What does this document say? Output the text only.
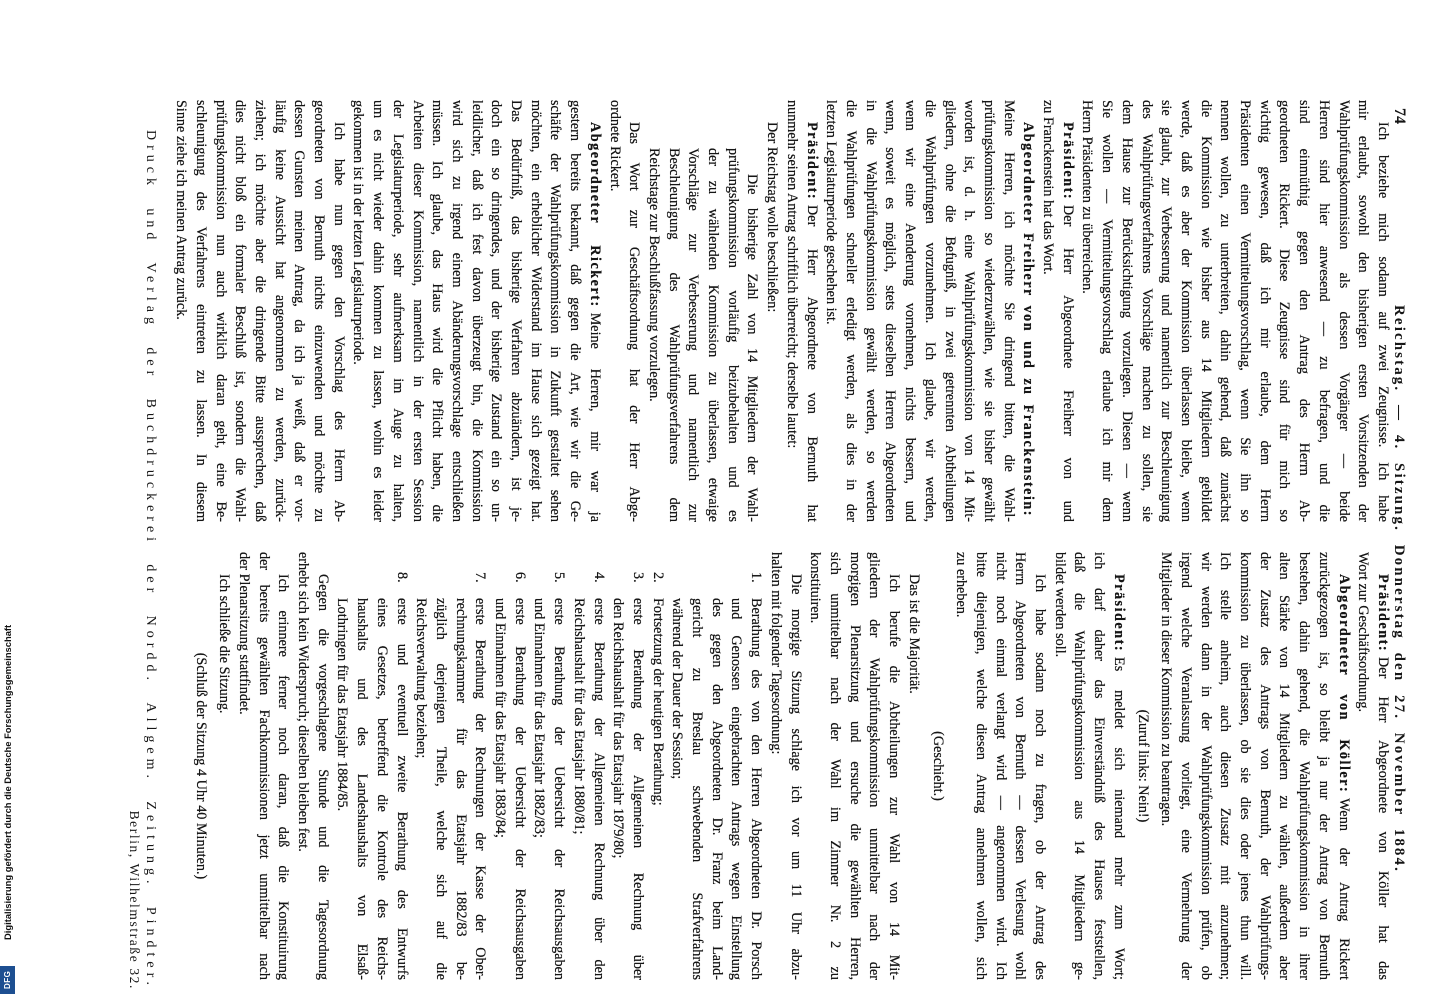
74
Reichstag. — 4. Sitzung. Donnerstag den 27. November 1884.
Ich beziehe mich sodann auf zwei Zeugnisse. Ich habe
mir erlaubt, sowohl den bisherigen ersten Vorsitzenden der
Wahlprüfungskommission als dessen Vorgänger — beide
Herren sind hier anwesend — zu befragen, und die
sind einmüthig gegen den Antrag des Herrn Ab-
geordneten Rickert. Diese Zeugnisse sind für mich so
wichtig gewesen, daß ich mir erlaube, dem Herrn
Präsidenten einen Vermittelungsvorschlag, wenn Sie ihn so
nennen wollen, zu unterbreiten, dahin gehend, daß zunächst
die Kommission wie bisher aus 14 Mitgliedern gebildet
werde, daß es aber der Kommission überlassen bleibe, wenn
sie glaubt, zur Verbesserung und namentlich zur Beschleunigung
des Wahlprüfungsverfahrens Vorschläge machen zu sollen, sie
dem Hause zur Berücksichtigung vorzulegen. Diesen — wenn
Sie wollen — Vermittelungsvorschlag erlaube ich mir dem
Herrn Präsidenten zu überreichen.
Präsident:Der Herr Abgeordnete Freiherr von und
zu Franckenstein hat das Wort.
Abgeordneter Freiherr von und zu Franckenstein:
Meine Herren, ich möchte Sie dringend bitten, die Wahl-
prüfungskommission so wiederzuwählen, wie sie bisher gewählt
worden ist, d. h. eine Wahlprüfungskommission von 14 Mit-
gliedern, ohne die Befugniß, in zwei getrennten Abtheilungen
die Wahlprüfungen vorzunehmen. Ich glaube, wir werden,
wenn wir eine Aenderung vornehmen, nichts bessern, und
wenn, soweit es möglich, stets dieselben Herren Abgeordneten
in die Wahlprüfungskommission gewählt werden, so werden
die Wahlprüfungen schneller erledigt werden, als dies in der
letzten Legislaturperiode geschehen ist.
Präsident:Der Herr Abgeordnete von Bernuth hat
nunmehr seinen Antrag schriftlich überreicht; derselbe lautet:
Der Reichstag wolle beschließen:
Die bisherige Zahl von 14 Mitgliedern der Wahl-
prüfungskommission vorläufig beizubehalten und es
der zu wählenden Kommission zu überlassen, etwaige
Vorschläge zur Verbesserung und namentlich zur
Beschleunigung des Wahlprüfungsverfahrens dem
Reichstage zur Beschlußfassung vorzulegen.
Das Wort zur Geschäftsordnung hat der Herr Abge-
ordnete Rickert.
Abgeordneter Rickert:Meine Herren, mir war ja
gestern bereits bekannt, daß gegen die Art, wie wir die Ge-
schäfte der Wahlprüfungskommission in Zukunft gestaltet sehen
möchten, ein erheblicher Widerstand im Hause sich gezeigt hat.
Das Bedürfniß, das bisherige Verfahren abzuändern, ist je-
doch ein so dringendes, und der bisherige Zustand ein so un-
leidlicher, daß ich fest davon überzeugt bin, die Kommission
wird sich zu irgend einem Abänderungsvorschlage entschließen
müssen. Ich glaube, das Haus wird die Pflicht haben, die
Arbeiten dieser Kommission, namentlich in der ersten Session
der Legislaturperiode, sehr aufmerksam im Auge zu halten,
um es nicht wieder dahin kommen zu lassen, wohin es leider
gekommen ist in der letzten Legislaturperiode.
Ich habe nun gegen den Vorschlag des Herrn Ab-
geordneten von Bernuth nichts einzuwenden und möchte zu
dessen Gunsten meinen Antrag, da ich ja weiß, daß er vor-
läufig keine Aussicht hat angenommen zu werden, zurück-
ziehen; ich möchte aber die dringende Bitte aussprechen, daß
dies nicht bloß ein formaler Beschluß ist, sondern die Wahl-
prüfungskommission nun auch wirklich daran geht, eine Be-
schleunigung des Verfahrens eintreten zu lassen. In diesem
Sinne ziehe ich meinen Antrag zurück.
Präsident:Der Herr Abgeordnete von Köller hat das
Wort zur Geschäftsordnung.
Abgeordneter von Köller:Wenn der Antrag Rickert
zurückgezogen ist, so bleibt ja nur der Antrag von Bernuth
bestehen, dahin gehend, die Wahlprüfungskommission in ihrer
alten Stärke von 14 Mitgliedern zu wählen, außerdem aber
der Zusatz des Antrags von Bernuth, der Wahlprüfungs-
kommission zu überlassen, ob sie dies oder jenes thun will.
Ich stelle anheim, auch diesen Zusatz mit anzunehmen;
wir werden dann in der Wahlprüfungskommission prüfen, ob
irgend welche Veranlassung vorliegt, eine Vermehrung der
Mitglieder in dieser Kommission zu beantragen.
(Zuruf links: Nein!)
Präsident:Es meldet sich niemand mehr zum Wort;
ich darf daher das Einverständniß des Hauses feststellen,
daß die Wahlprüfungskommission aus 14 Mitgliedern ge-
bildet werden soll.
Ich habe sodann noch zu fragen, ob der Antrag des
Herrn Abgeordneten von Bernuth — dessen Verlesung wohl
nicht noch einmal verlangt wird — angenommen wird. Ich
bitte diejenigen, welche diesen Antrag annehmen wollen, sich
zu erheben.
(Geschieht.)
Das ist die Majorität.
Ich berufe die Abtheilungen zur Wahl von 14 Mit-
gliedern der Wahlprüfungskommission unmittelbar nach der
morgigen Plenarsitzung und ersuche die gewählten Herren,
sich unmittelbar nach der Wahl im Zimmer Nr. 2 zu
konstituiren.
Die morgige Sitzung schlage ich vor um 11 Uhr abzu-
halten mit folgender Tagesordnung:
1.
Berathung des von den Herren Abgeordneten Dr. Porsch
und Genossen eingebrachten Antrags wegen Einstellung
des gegen den Abgeordneten Dr. Franz beim Land-
gericht zu Breslau schwebenden Strafverfahrens
während der Dauer der Session;
2.
Fortsetzung der heutigen Berathung;
3.
erste Berathung der Allgemeinen Rechnung über
den Reichshaushalt für das Etatsjahr 1879/80;
4.
erste Berathung der Allgemeinen Rechnung über den
Reichshaushalt für das Etatsjahr 1880/81;
5.
erste Berathung der Uebersicht der Reichsausgaben
und Einnahmen für das Etatsjahr 1882/83;
6.
erste Berathung der Uebersicht der Reichsausgaben
und Einnahmen für das Etatsjahr 1883/84;
7.
erste Berathung der Rechnungen der Kasse der Ober-
rechnungskammer für das Etatsjahr 1882/83 be-
züglich derjenigen Theile, welche sich auf die
Reichsverwaltung beziehen;
8.
erste und eventuell zweite Berathung des Entwurfs
eines Gesetzes, betreffend die Kontrole des Reichs-
haushalts und des Landeshaushalts von Elsaß-
Lothringen für das Etatsjahr 1884/85.
Gegen die vorgeschlagene Stunde und die Tagesordnung
erhebt sich kein Widerspruch; dieselben bleiben fest.
Ich erinnere ferner noch daran, daß die Konstituirung
der bereits gewählten Fachkommissionen jetzt unmittelbar nach
der Plenarsitzung stattfindet.
Ich schließe die Sitzung.
(Schluß der Sitzung 4 Uhr 40 Minuten.)
Druck und Verlag der Buchdruckerei der Nordd. Allgem. Zeitung. Pindter.
Berlin, Wilhelmstraße 32.
Digitalisierung gefördert durch die Deutsche Forschungsgemeinschaft
DFG
